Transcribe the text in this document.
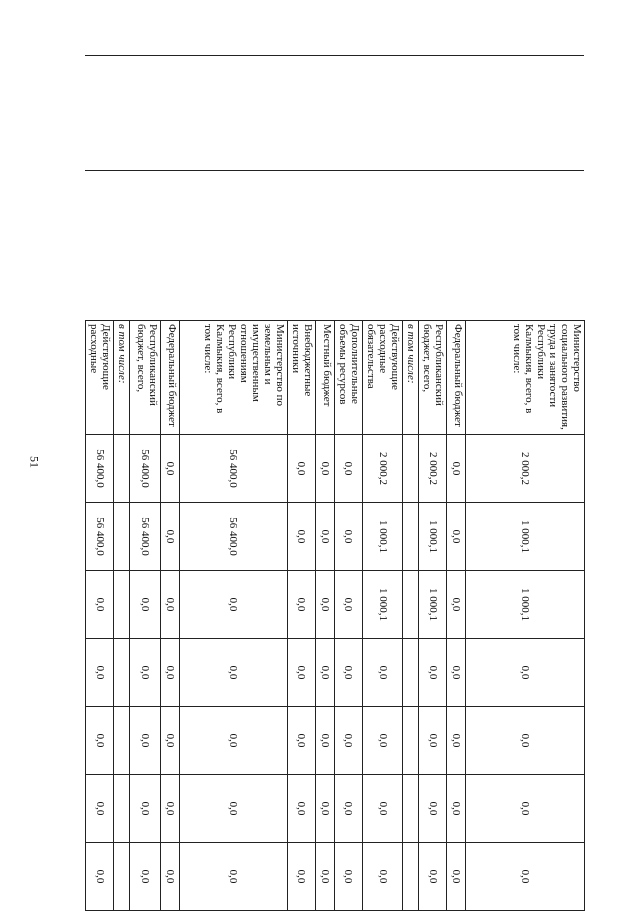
51
		Министерство социального развития, труда и занятости Республики Калмыкия, всего, в том числе:	2 000,2	1 000,1	1 000,1	0,0	0,0	0,0	0,0
		Федеральный бюджет	0,0	0,0	0,0	0,0	0,0	0,0	0,0
		Республиканский бюджет, всего,	2 000,2	1 000,1	1 000,1	0,0	0,0	0,0	0,0
		в том числе:							
		Действующие расходные обязательства	2 000,2	1 000,1	1 000,1	0,0	0,0	0,0	0,0
		Дополнительные объемы ресурсов	0,0	0,0	0,0	0,0	0,0	0,0	0,0
		Местный бюджет	0,0	0,0	0,0	0,0	0,0	0,0	0,0
		Внебюджетные источники	0,0	0,0	0,0	0,0	0,0	0,0	0,0
		Министерство по земельным и имущественным отношениям Республики Калмыкия, всего, в том числе:	56 400,0	56 400,0	0,0	0,0	0,0	0,0	0,0
		Федеральный бюджет	0,0	0,0	0,0	0,0	0,0	0,0	0,0
		Республиканский бюджет, всего,	56 400,0	56 400,0	0,0	0,0	0,0	0,0	0,0
		в том числе:							
		Действующие расходные	56 400,0	56 400,0	0,0	0,0	0,0	0,0	0,0
